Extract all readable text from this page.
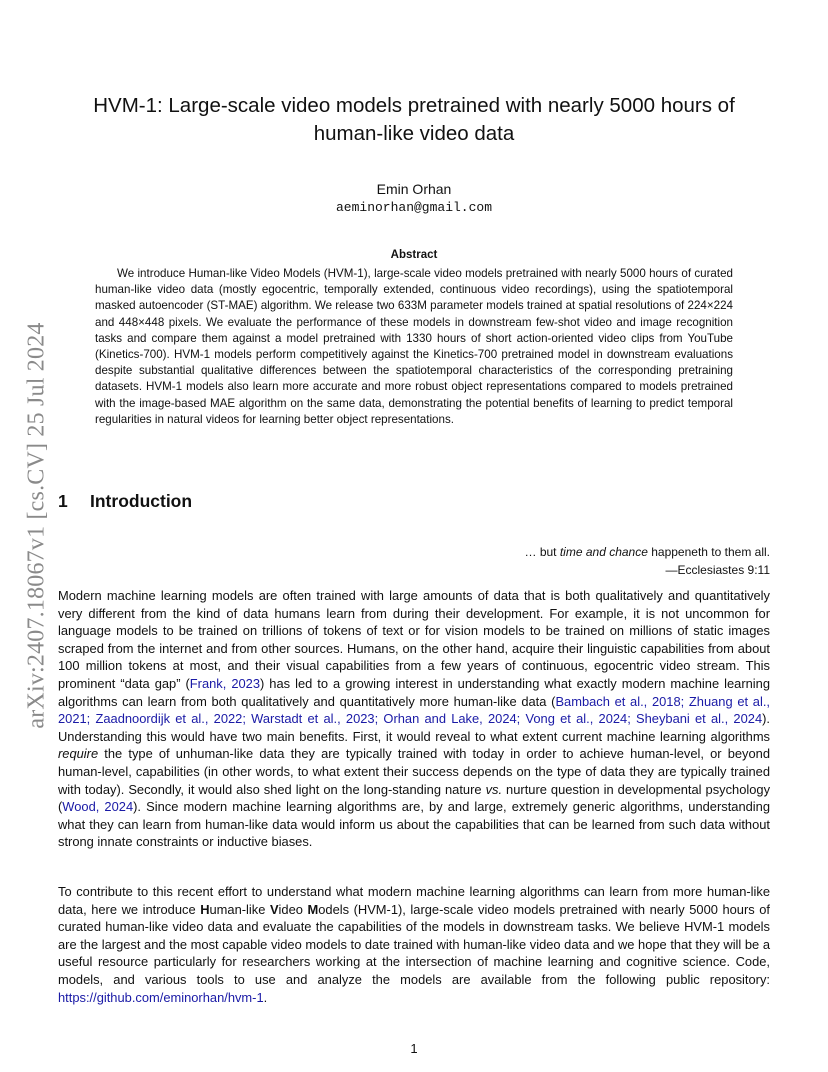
arXiv:2407.18067v1 [cs.CV] 25 Jul 2024
HVM-1: Large-scale video models pretrained with nearly 5000 hours of human-like video data
Emin Orhan
aeminorhan@gmail.com
Abstract

We introduce Human-like Video Models (HVM-1), large-scale video models pretrained with nearly 5000 hours of curated human-like video data (mostly egocentric, temporally extended, continuous video recordings), using the spatiotemporal masked autoencoder (ST-MAE) algorithm. We release two 633M parameter models trained at spatial resolutions of 224×224 and 448×448 pixels. We evaluate the performance of these models in downstream few-shot video and image recognition tasks and compare them against a model pretrained with 1330 hours of short action-oriented video clips from YouTube (Kinetics-700). HVM-1 models perform competitively against the Kinetics-700 pretrained model in downstream evaluations despite substantial qualitative differences between the spatiotemporal characteristics of the corresponding pretraining datasets. HVM-1 models also learn more accurate and more robust object representations compared to models pretrained with the image-based MAE algorithm on the same data, demonstrating the potential benefits of learning to predict temporal regularities in natural videos for learning better object representations.

1 Introduction
… but time and chance happeneth to them all.
—Ecclesiastes 9:11

Modern machine learning models are often trained with large amounts of data that is both qualitatively and quantitatively very different from the kind of data humans learn from during their development. For example, it is not uncommon for language models to be trained on trillions of tokens of text or for vision models to be trained on millions of static images scraped from the internet and from other sources. Humans, on the other hand, acquire their linguistic capabilities from about 100 million tokens at most, and their visual capabilities from a few years of continuous, egocentric video stream. This prominent “data gap” (Frank, 2023) has led to a growing interest in understanding what exactly modern machine learning algorithms can learn from both qualitatively and quantitatively more human-like data (Bambach et al., 2018; Zhuang et al., 2021; Zaadnoordijk et al., 2022; Warstadt et al., 2023; Orhan and Lake, 2024; Vong et al., 2024; Sheybani et al., 2024). Understanding this would have two main benefits. First, it would reveal to what extent current machine learning algorithms require the type of unhuman-like data they are typically trained with today in order to achieve human-level, or beyond human-level, capabilities (in other words, to what extent their success depends on the type of data they are typically trained with today). Secondly, it would also shed light on the long-standing nature vs. nurture question in developmental psychology (Wood, 2024). Since modern machine learning algorithms are, by and large, extremely generic algorithms, understanding what they can learn from human-like data would inform us about the capabilities that can be learned from such data without strong innate constraints or inductive biases.

To contribute to this recent effort to understand what modern machine learning algorithms can learn from more human-like data, here we introduce Human-like Video Models (HVM-1), large-scale video models pretrained with nearly 5000 hours of curated human-like video data and evaluate the capabilities of the models in downstream tasks. We believe HVM-1 models are the largest and the most capable video models to date trained with human-like video data and we hope that they will be a useful resource particularly for researchers working at the intersection of machine learning and cognitive science. Code, models, and various tools to use and analyze the models are available from the following public repository: https://github.com/eminorhan/hvm-1.

1
